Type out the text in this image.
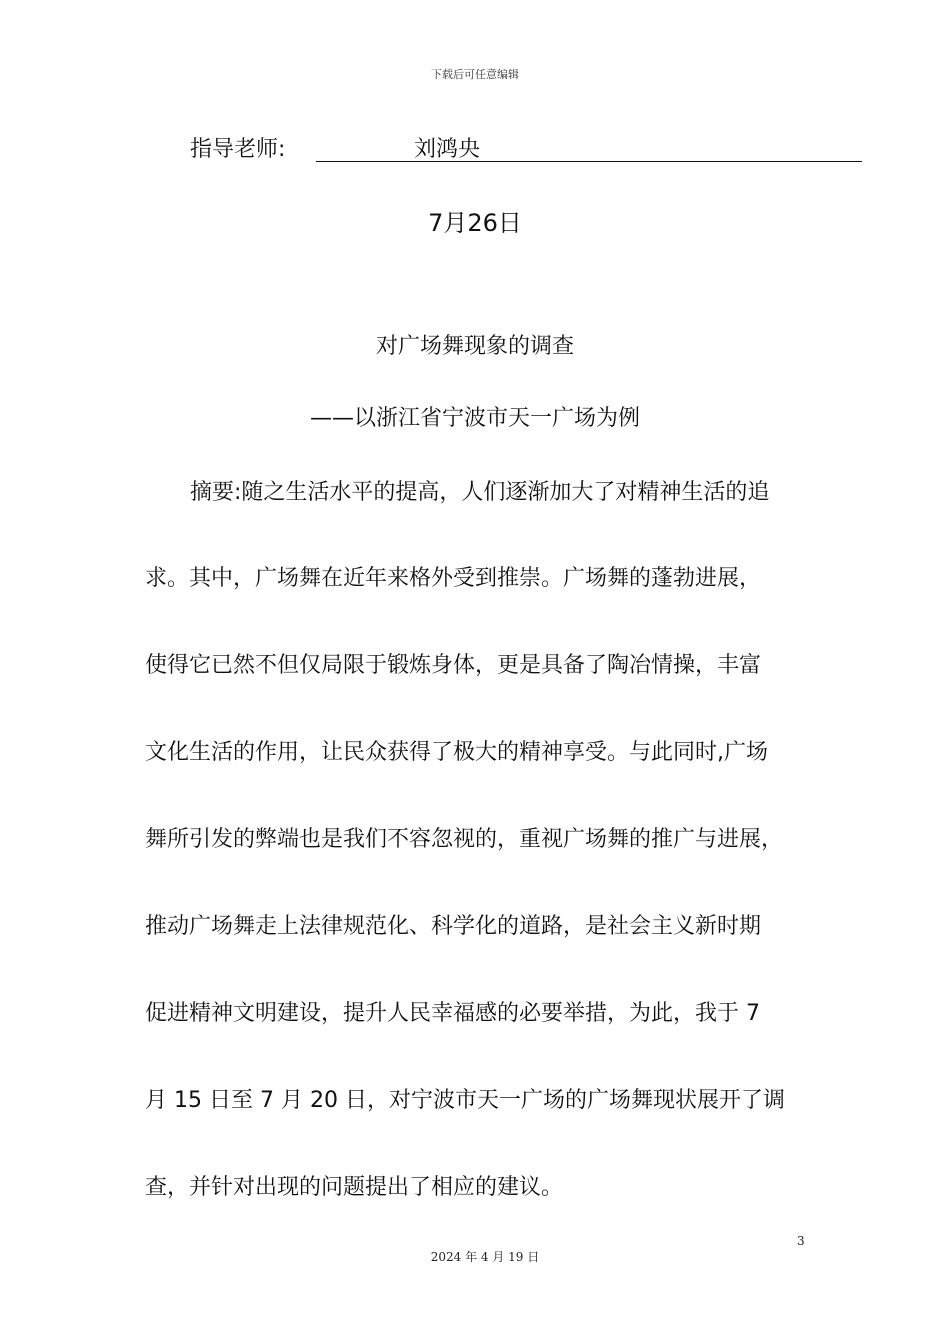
下载后可任意编辑
指导老师:	刘鸿央
7月26日
对广场舞现象的调查
——以浙江省宁波市天一广场为例
摘要:随之生活水平的提高，人们逐渐加大了对精神生活的追
求。其中，广场舞在近年来格外受到推崇。广场舞的蓬勃进展，
使得它已然不但仅局限于锻炼身体，更是具备了陶冶情操，丰富
文化生活的作用，让民众获得了极大的精神享受。与此同时,广场
舞所引发的弊端也是我们不容忽视的，重视广场舞的推广与进展，
推动广场舞走上法律规范化、科学化的道路，是社会主义新时期
促进精神文明建设，提升人民幸福感的必要举措，为此，我于 7
月 15 日至 7 月 20 日，对宁波市天一广场的广场舞现状展开了调
查，并针对出现的问题提出了相应的建议。
3
2024 年 4 月 19 日
